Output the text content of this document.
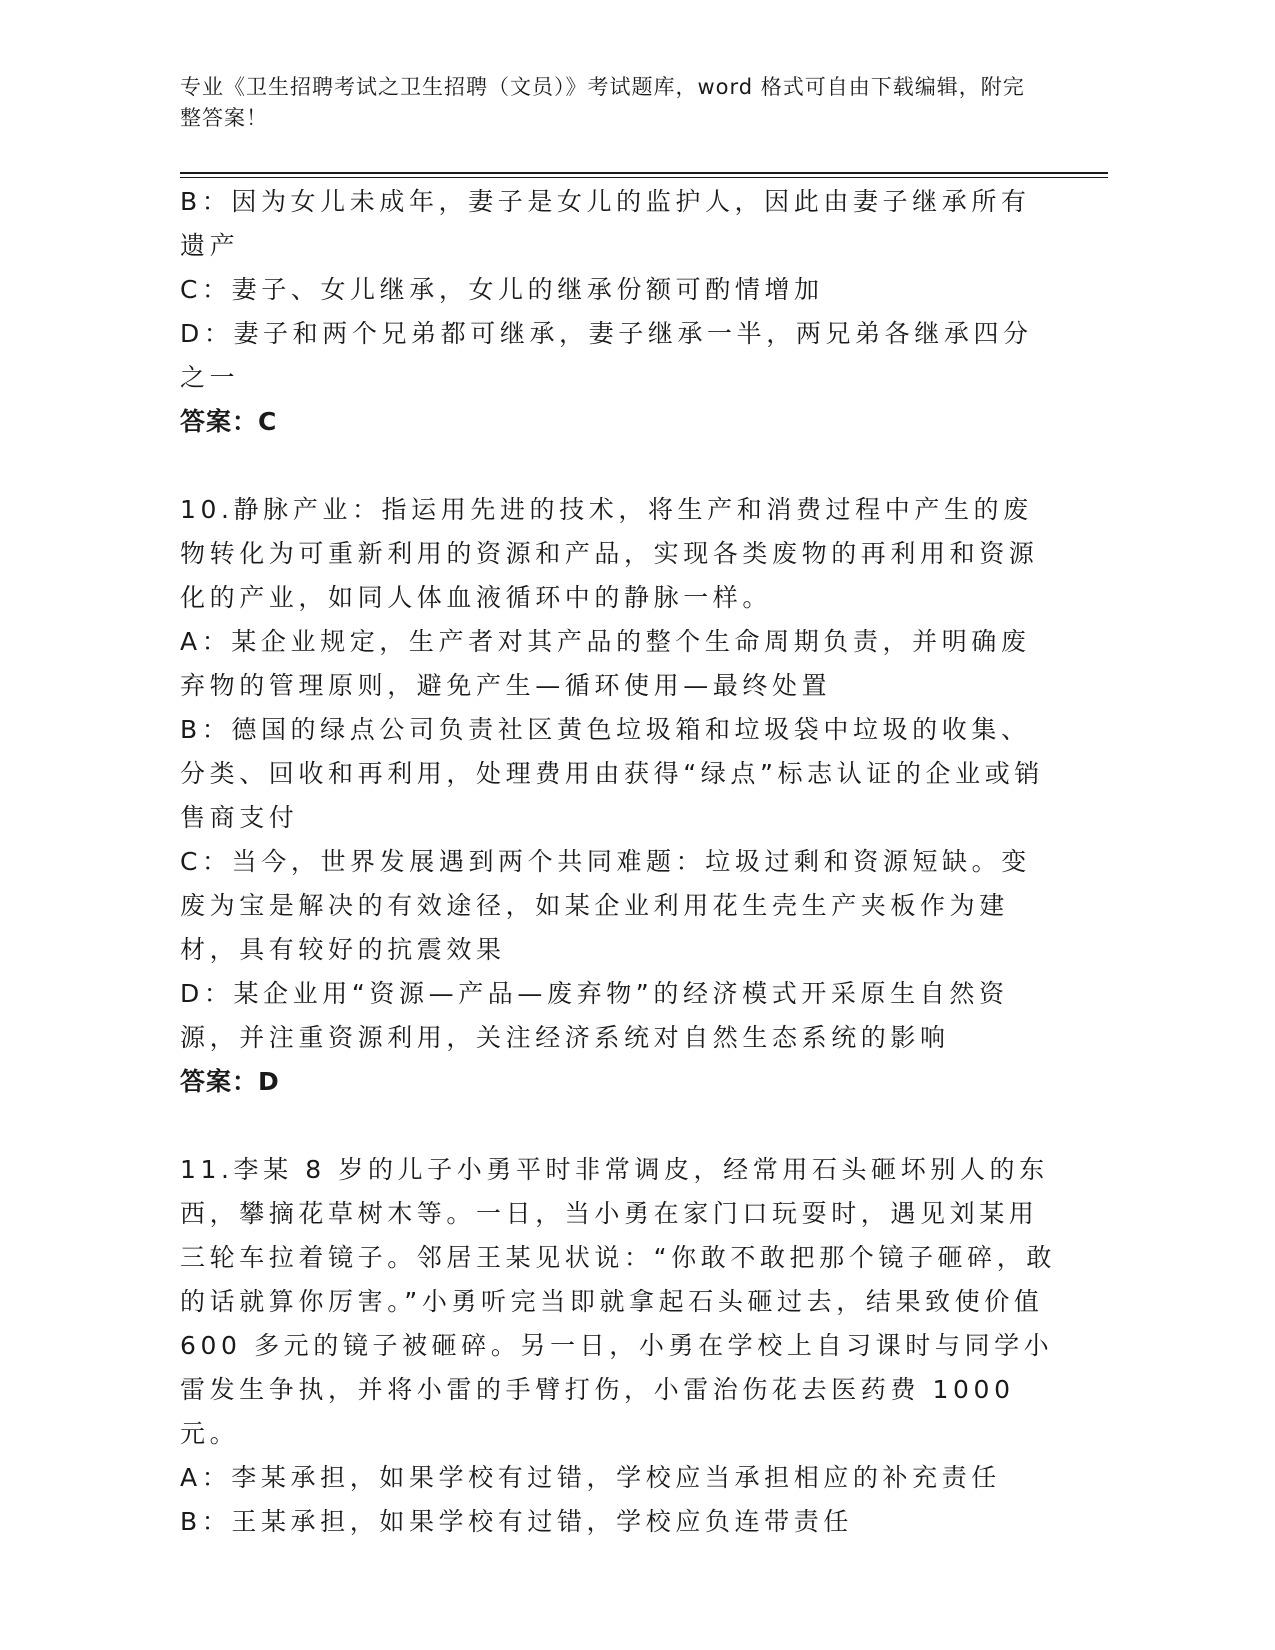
专业《卫生招聘考试之卫生招聘（文员）》考试题库，word 格式可自由下载编辑，附完整答案！

B：因为女儿未成年，妻子是女儿的监护人，因此由妻子继承所有遗产

C：妻子、女儿继承，女儿的继承份额可酌情增加

D：妻子和两个兄弟都可继承，妻子继承一半，两兄弟各继承四分之一

答案：C

10.静脉产业：指运用先进的技术，将生产和消费过程中产生的废物转化为可重新利用的资源和产品，实现各类废物的再利用和资源化的产业，如同人体血液循环中的静脉一样。

A：某企业规定，生产者对其产品的整个生命周期负责，并明确废弃物的管理原则，避免产生—循环使用—最终处置

B：德国的绿点公司负责社区黄色垃圾箱和垃圾袋中垃圾的收集、分类、回收和再利用，处理费用由获得“绿点”标志认证的企业或销售商支付

C：当今，世界发展遇到两个共同难题：垃圾过剩和资源短缺。变废为宝是解决的有效途径，如某企业利用花生壳生产夹板作为建材，具有较好的抗震效果

D：某企业用“资源—产品—废弃物”的经济模式开采原生自然资源，并注重资源利用，关注经济系统对自然生态系统的影响

答案：D

11.李某 8 岁的儿子小勇平时非常调皮，经常用石头砸坏别人的东西，攀摘花草树木等。一日，当小勇在家门口玩耍时，遇见刘某用三轮车拉着镜子。邻居王某见状说：“你敢不敢把那个镜子砸碎，敢的话就算你厉害。”小勇听完当即就拿起石头砸过去，结果致使价值 600 多元的镜子被砸碎。另一日，小勇在学校上自习课时与同学小雷发生争执，并将小雷的手臂打伤，小雷治伤花去医药费 1000 元。

A：李某承担，如果学校有过错，学校应当承担相应的补充责任

B：王某承担，如果学校有过错，学校应负连带责任
